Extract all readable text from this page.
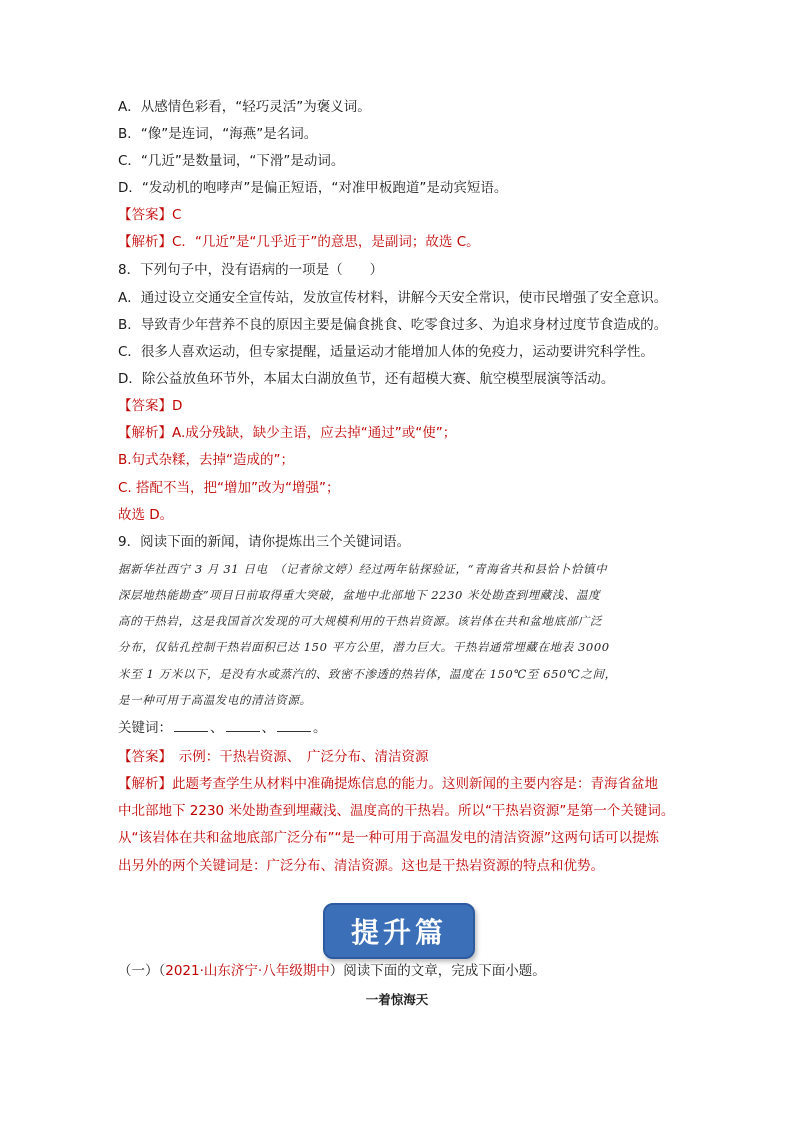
A．从感情色彩看，“轻巧灵活”为褒义词。
B．“像”是连词，“海燕”是名词。
C．“几近”是数量词，“下滑”是动词。
D．“发动机的咆哮声”是偏正短语，“对准甲板跑道”是动宾短语。
【答案】C
【解析】C．“几近”是“几乎近于”的意思，是副词；故选 C。
8．下列句子中，没有语病的一项是（　　）
A．通过设立交通安全宣传站，发放宣传材料，讲解今天安全常识，使市民增强了安全意识。
B．导致青少年营养不良的原因主要是偏食挑食、吃零食过多、为追求身材过度节食造成的。
C．很多人喜欢运动，但专家提醒，适量运动才能增加人体的免疫力，运动要讲究科学性。
D．除公益放鱼环节外，本届太白湖放鱼节，还有超模大赛、航空模型展演等活动。
【答案】D
【解析】A.成分残缺，缺少主语，应去掉“通过”或“使”；
B.句式杂糅，去掉“造成的”；
C. 搭配不当，把“增加”改为“增强”；
故选 D。
9．阅读下面的新闻，请你提炼出三个关键词语。
据新华社西宁 3 月 31 日电　（记者徐文婷）经过两年钻探验证，“青海省共和县恰卜恰镇中
深层地热能勘查”项目日前取得重大突破，盆地中北部地下 2230 米处勘查到埋藏浅、温度
高的干热岩，这是我国首次发现的可大规模利用的干热岩资源。该岩体在共和盆地底部广泛
分布，仅钻孔控制干热岩面积已达 150 平方公里，潜力巨大。干热岩通常埋藏在地表 3000
米至 1 万米以下，是没有水或蒸汽的、致密不渗透的热岩体，温度在 150℃至 650℃之间，
是一种可用于高温发电的清洁资源。
关键词：	、	、	。
【答案】　示例：干热岩资源、　广泛分布、清洁资源
【解析】此题考查学生从材料中准确提炼信息的能力。这则新闻的主要内容是：青海省盆地
中北部地下 2230 米处勘查到埋藏浅、温度高的干热岩。所以“干热岩资源”是第一个关键词。
从“该岩体在共和盆地底部广泛分布”“是一种可用于高温发电的清洁资源”这两句话可以提炼
出另外的两个关键词是：广泛分布、清洁资源。这也是干热岩资源的特点和优势。
提升篇
（一）（2021·山东济宁·八年级期中）阅读下面的文章，完成下面小题。
一着惊海天
